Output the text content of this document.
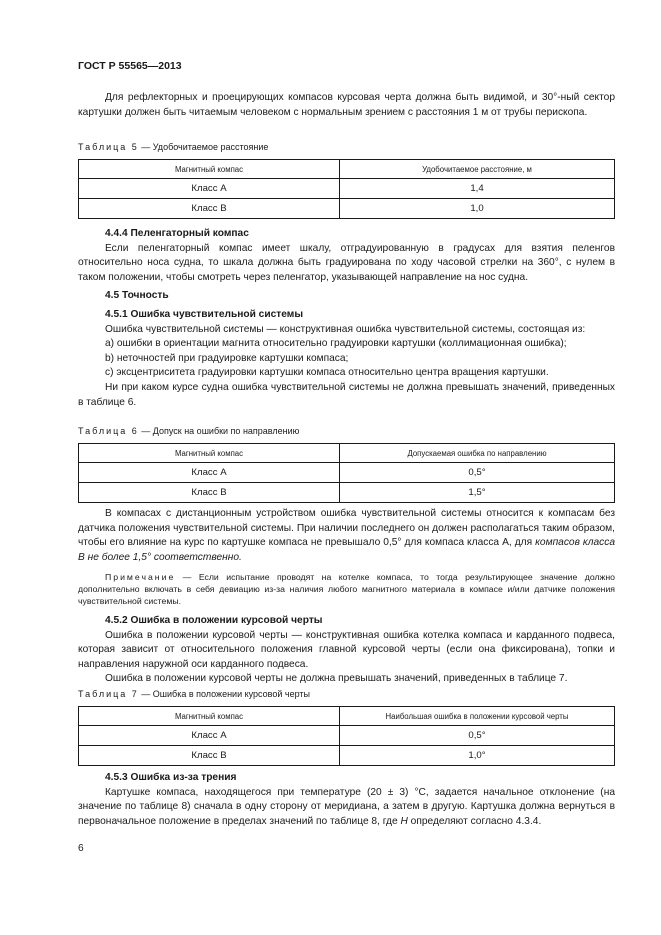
ГОСТ Р 55565—2013

Для рефлекторных и проецирующих компасов курсовая черта должна быть видимой, и 30°-ный сектор картушки должен быть читаемым человеком с нормальным зрением с расстояния 1 м от трубы перископа.

Таблица 5 — Удобочитаемое расстояние
Магнитный компас	Удобочитаемое расстояние, м
Класс А	1,4
Класс В	1,0
4.4.4 Пеленгаторный компас

Если пеленгаторный компас имеет шкалу, отградуированную в градусах для взятия пеленгов относительно носа судна, то шкала должна быть градуирована по ходу часовой стрелки на 360°, с нулем в таком положении, чтобы смотреть через пеленгатор, указывающей направление на нос судна.

4.5 Точность
4.5.1 Ошибка чувствительной системы

Ошибка чувствительной системы — конструктивная ошибка чувствительной системы, состоящая из:

a) ошибки в ориентации магнита относительно градуировки картушки (коллимационная ошибка);

b) неточностей при градуировке картушки компаса;

c) эксцентриситета градуировки картушки компаса относительно центра вращения картушки.

Ни при каком курсе судна ошибка чувствительной системы не должна превышать значений, приведенных в таблице 6.

Таблица 6 — Допуск на ошибки по направлению
Магнитный компас	Допускаемая ошибка по направлению
Класс А	0,5°
Класс В	1,5°

В компасах с дистанционным устройством ошибка чувствительной системы относится к компасам без датчика положения чувствительной системы. При наличии последнего он должен располагаться таким образом, чтобы его влияние на курс по картушке компаса не превышало 0,5° для компаса класса А, для компасов класса В не более 1,5° соответственно.

Примечание — Если испытание проводят на котелке компаса, то тогда результирующее значение должно дополнительно включать в себя девиацию из-за наличия любого магнитного материала в компасе и/или датчике положения чувствительной системы.

4.5.2 Ошибка в положении курсовой черты

Ошибка в положении курсовой черты — конструктивная ошибка котелка компаса и карданного подвеса, которая зависит от относительного положения главной курсовой черты (если она фиксирована), топки и направления наружной оси карданного подвеса.

Ошибка в положении курсовой черты не должна превышать значений, приведенных в таблице 7.

Таблица 7 — Ошибка в положении курсовой черты
Магнитный компас	Наибольшая ошибка в положении курсовой черты
Класс А	0,5°
Класс В	1,0°
4.5.3 Ошибка из-за трения

Картушке компаса, находящегося при температуре (20 ± 3) °С, задается начальное отклонение (на значение по таблице 8) сначала в одну сторону от меридиана, а затем в другую. Картушка должна вернуться в первоначальное положение в пределах значений по таблице 8, где Н определяют согласно 4.3.4.

6
